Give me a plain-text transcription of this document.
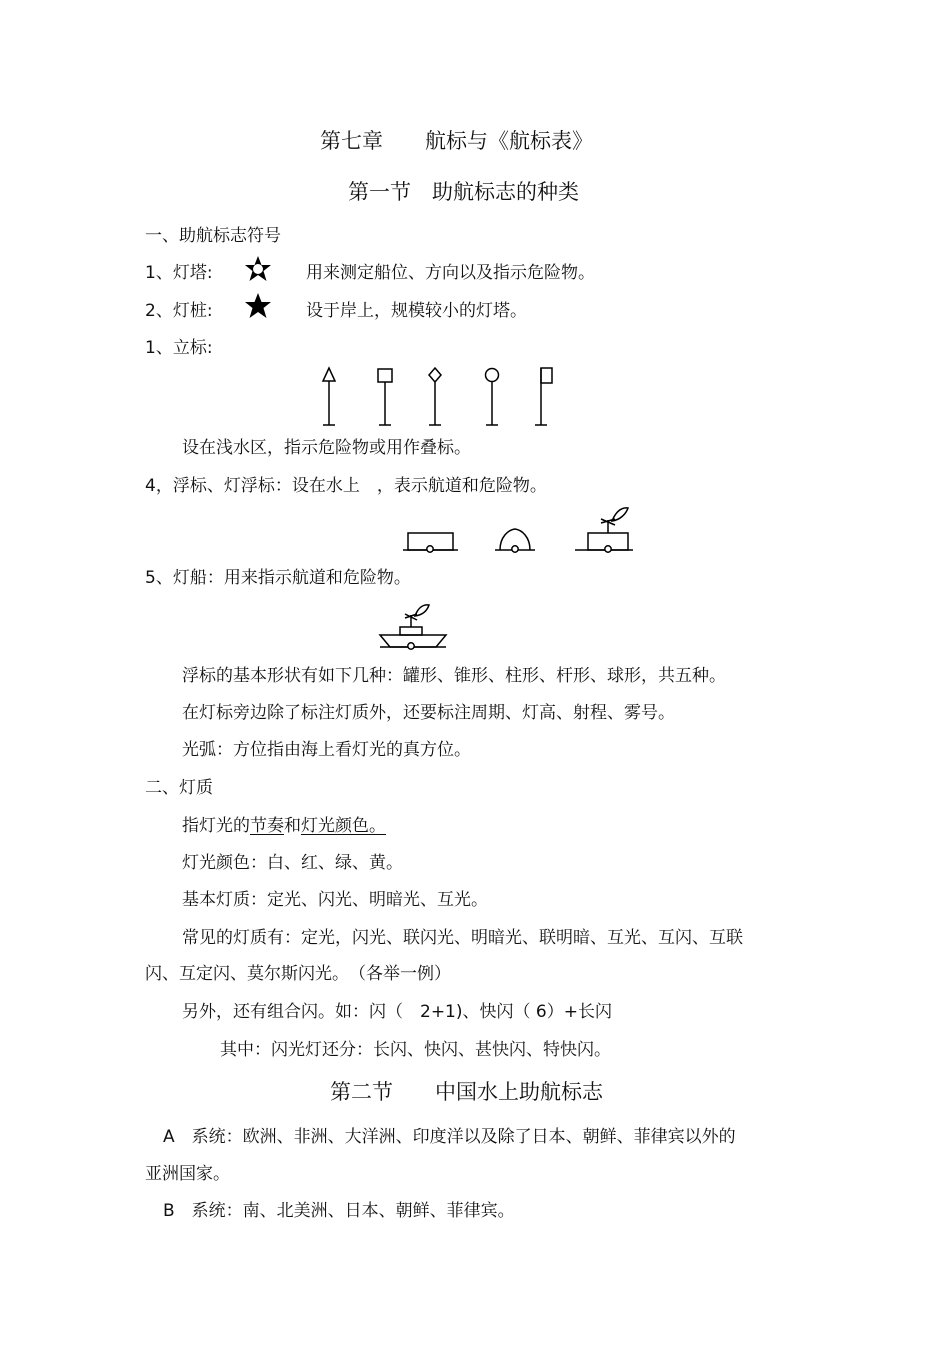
第七章　　航标与《航标表》
第一节　助航标志的种类
一、助航标志符号
1、灯塔:	用来测定船位、方向以及指示危险物。
2、灯桩:	设于岸上，规模较小的灯塔。
1、立标:
设在浅水区，指示危险物或用作叠标。
4，浮标、灯浮标：设在水上　，表示航道和危险物。
5、灯船：用来指示航道和危险物。
浮标的基本形状有如下几种：罐形、锥形、柱形、杆形、球形，共五种。
在灯标旁边除了标注灯质外，还要标注周期、灯高、射程、雾号。
光弧：方位指由海上看灯光的真方位。
二、灯质
指灯光的节奏和灯光颜色。
灯光颜色：白、红、绿、黄。
基本灯质：定光、闪光、明暗光、互光。
常见的灯质有：定光，闪光、联闪光、明暗光、联明暗、互光、互闪、互联
闪、互定闪、莫尔斯闪光。　（各举一例）
另外，还有组合闪。如：闪（　2+1)、快闪（ 6）+长闪
其中：闪光灯还分：长闪、快闪、甚快闪、特快闪。
第二节　　中国水上助航标志
A　系统：欧洲、非洲、大洋洲、印度洋以及除了日本、朝鲜、菲律宾以外的
亚洲国家。
B　系统：南、北美洲、日本、朝鲜、菲律宾。
